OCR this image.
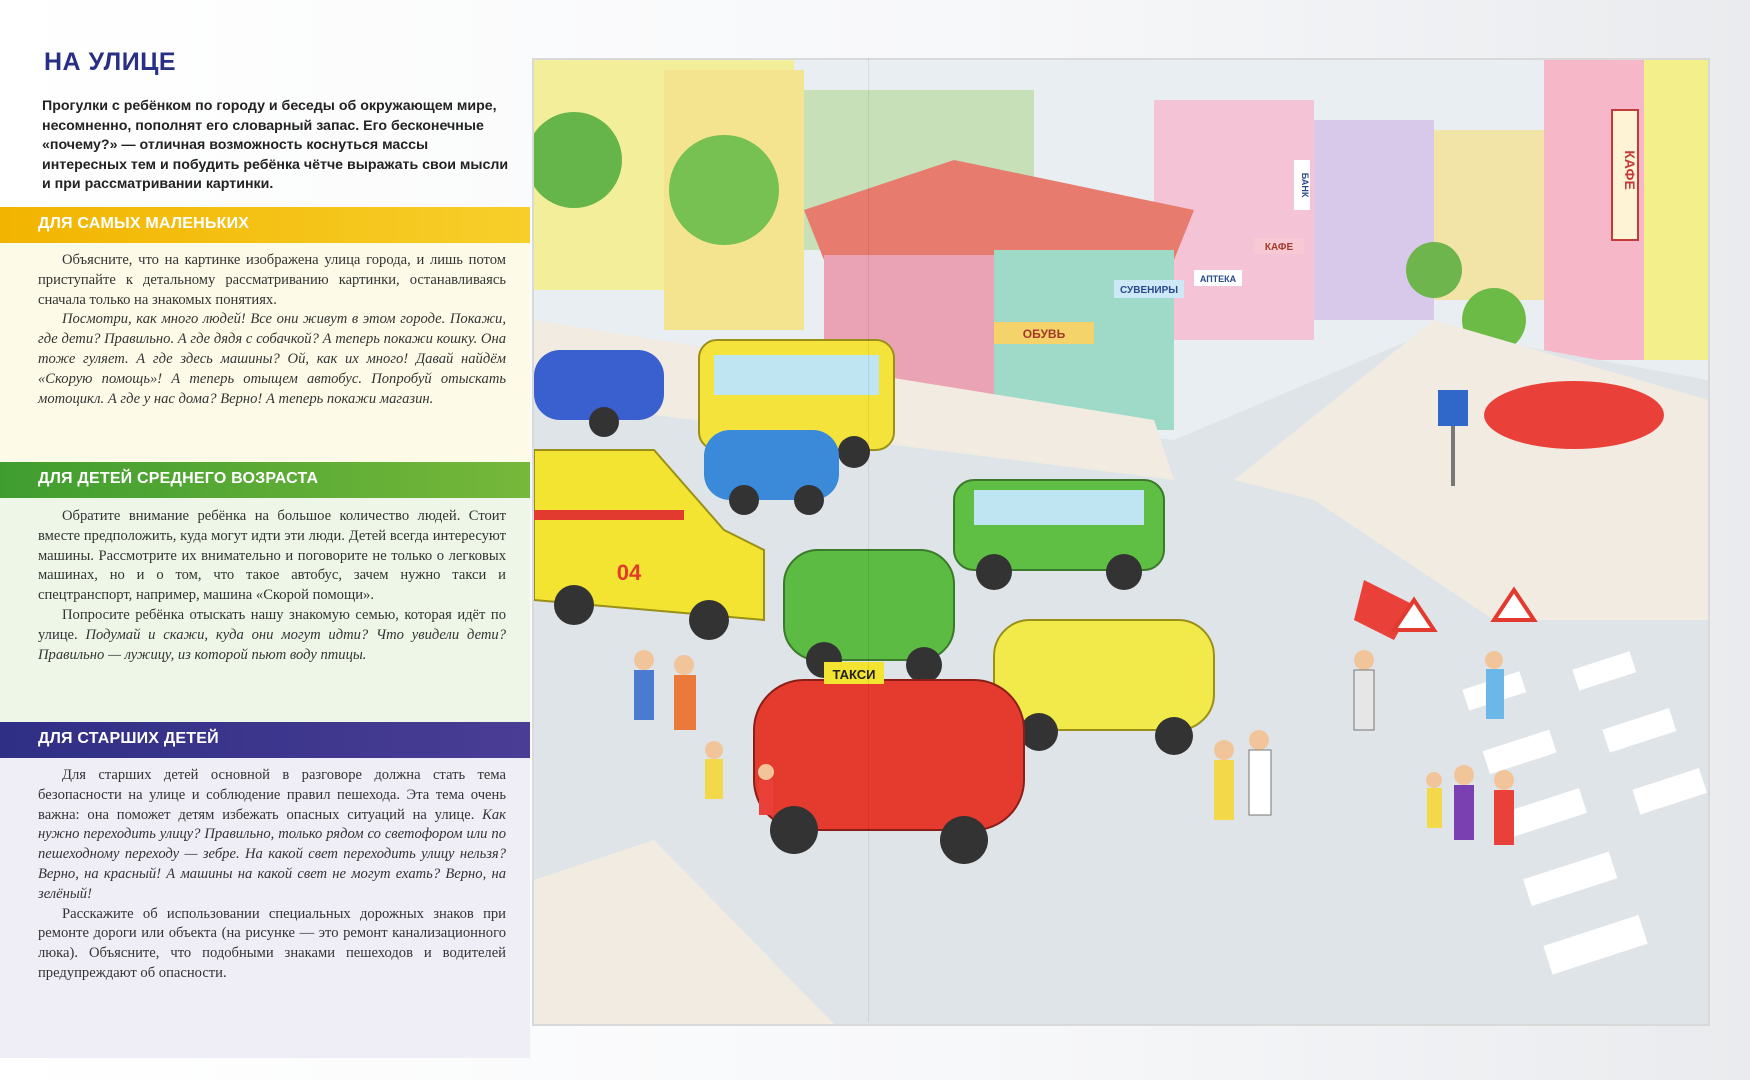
НА УЛИЦЕ

Прогулки с ребёнком по городу и беседы об окружающем мире, несомненно, пополнят его словарный запас. Его бесконечные «почему?» — отличная возможность коснуться массы интересных тем и побудить ребёнка чётче выражать свои мысли и при рассматривании картинки.

ДЛЯ САМЫХ МАЛЕНЬКИХ

Объясните, что на картинке изображена улица города, и лишь потом приступайте к детальному рассматриванию картинки, останавливаясь сначала только на знакомых понятиях.

Посмотри, как много людей! Все они живут в этом городе. Покажи, где дети? Правильно. А где дядя с собачкой? А теперь покажи кошку. Она тоже гуляет. А где здесь машины? Ой, как их много! Давай найдём «Скорую помощь»! А теперь отыщем автобус. Попробуй отыскать мотоцикл. А где у нас дома? Верно! А теперь покажи магазин.

ДЛЯ ДЕТЕЙ СРЕДНЕГО ВОЗРАСТА

Обратите внимание ребёнка на большое количество людей. Стоит вместе предположить, куда могут идти эти люди. Детей всегда интересуют машины. Рассмотрите их внимательно и поговорите не только о легковых машинах, но и о том, что такое автобус, зачем нужно такси и спецтранспорт, например, машина «Скорой помощи».

Попросите ребёнка отыскать нашу знакомую семью, которая идёт по улице. Подумай и скажи, куда они могут идти? Что увидели дети? Правильно — лужицу, из которой пьют воду птицы.

ДЛЯ СТАРШИХ ДЕТЕЙ

Для старших детей основной в разговоре должна стать тема безопасности на улице и соблюдение правил пешехода. Эта тема очень важна: она поможет детям избежать опасных ситуаций на улице. Как нужно переходить улицу? Правильно, только рядом со светофором или по пешеходному переходу — зебре. На какой свет переходить улицу нельзя? Верно, на красный! А машины на какой свет не могут ехать? Верно, на зелёный!

Расскажите об использовании специальных дорожных знаков при ремонте дороги или объекта (на рисунке — это ремонт канализационного люка). Объясните, что подобными знаками пешеходов и водителей предупреждают об опасности.

КАФЕ
ОБУВЬ
СУВЕНИРЫ
АПТЕКА
КАФЕ
БАНК
04
ТАКСИ
